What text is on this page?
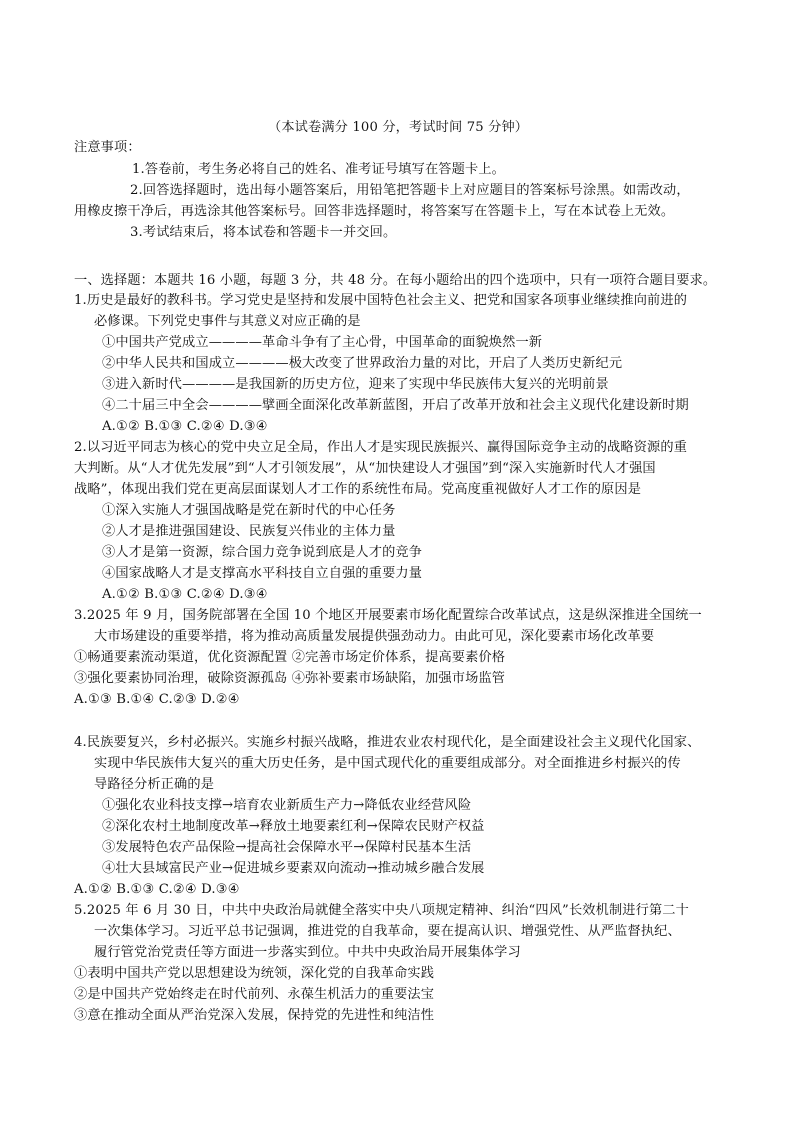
（本试卷满分 100 分，考试时间 75 分钟）
注意事项：
1.答卷前，考生务必将自己的姓名、准考证号填写在答题卡上。
2.回答选择题时，选出每小题答案后，用铅笔把答题卡上对应题目的答案标号涂黑。如需改动，
用橡皮擦干净后，再选涂其他答案标号。回答非选择题时，将答案写在答题卡上，写在本试卷上无效。
3.考试结束后，将本试卷和答题卡一并交回。
一、选择题：本题共 16 小题，每题 3 分，共 48 分。在每小题给出的四个选项中，只有一项符合题目要求。
1.历史是最好的教科书。学习党史是坚持和发展中国特色社会主义、把党和国家各项事业继续推向前进的
必修课。下列党史事件与其意义对应正确的是
①中国共产党成立————革命斗争有了主心骨，中国革命的面貌焕然一新
②中华人民共和国成立————极大改变了世界政治力量的对比，开启了人类历史新纪元
③进入新时代————是我国新的历史方位，迎来了实现中华民族伟大复兴的光明前景
④二十届三中全会————擘画全面深化改革新蓝图，开启了改革开放和社会主义现代化建设新时期
A.①② B.①③ C.②④ D.③④
2.以习近平同志为核心的党中央立足全局，作出人才是实现民族振兴、赢得国际竞争主动的战略资源的重
大判断。从“人才优先发展”到“人才引领发展”，从“加快建设人才强国”到“深入实施新时代人才强国
战略”，体现出我们党在更高层面谋划人才工作的系统性布局。党高度重视做好人才工作的原因是
①深入实施人才强国战略是党在新时代的中心任务
②人才是推进强国建设、民族复兴伟业的主体力量
③人才是第一资源，综合国力竞争说到底是人才的竞争
④国家战略人才是支撑高水平科技自立自强的重要力量
A.①② B.①③ C.②④ D.③④
3.2025 年 9 月，国务院部署在全国 10 个地区开展要素市场化配置综合改革试点，这是纵深推进全国统一
大市场建设的重要举措，将为推动高质量发展提供强劲动力。由此可见，深化要素市场化改革要
①畅通要素流动渠道，优化资源配置 ②完善市场定价体系，提高要素价格
③强化要素协同治理，破除资源孤岛 ④弥补要素市场缺陷，加强市场监管
A.①③ B.①④ C.②③ D.②④
4.民族要复兴，乡村必振兴。实施乡村振兴战略，推进农业农村现代化，是全面建设社会主义现代化国家、
实现中华民族伟大复兴的重大历史任务，是中国式现代化的重要组成部分。对全面推进乡村振兴的传
导路径分析正确的是
①强化农业科技支撑→培育农业新质生产力→降低农业经营风险
②深化农村土地制度改革→释放土地要素红利→保障农民财产权益
③发展特色农产品保险→提高社会保障水平→保障村民基本生活
④壮大县域富民产业→促进城乡要素双向流动→推动城乡融合发展
A.①② B.①③ C.②④ D.③④
5.2025 年 6 月 30 日，中共中央政治局就健全落实中央八项规定精神、纠治“四风”长效机制进行第二十
一次集体学习。习近平总书记强调，推进党的自我革命，要在提高认识、增强党性、从严监督执纪、
履行管党治党责任等方面进一步落实到位。中共中央政治局开展集体学习
①表明中国共产党以思想建设为统领，深化党的自我革命实践
②是中国共产党始终走在时代前列、永葆生机活力的重要法宝
③意在推动全面从严治党深入发展，保持党的先进性和纯洁性
